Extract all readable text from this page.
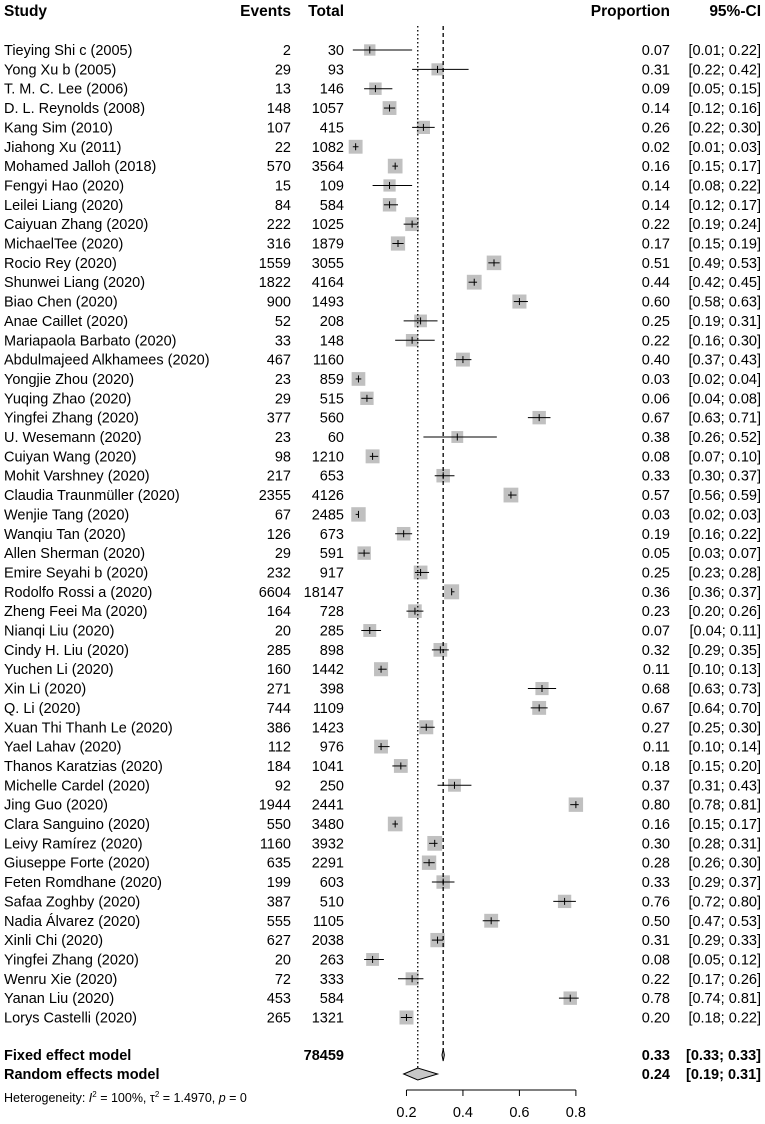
Study	Events Total	Proportion	95%-CI
Tieying Shi c (2005)	2	30	0.07 [0.01; 0.22]
Yong Xu b (2005)	29	93	0.31 [0.22; 0.42]
T. M. C. Lee (2006)	13 146	0.09 [0.05; 0.15]
D. L. Reynolds (2008)	148 1057	0.14 [0.12; 0.16]
Kang Sim (2010)	107 415	0.26 [0.22; 0.30]
Jiahong Xu (2011)	22 1082	0.02 [0.01; 0.03]
Mohamed Jalloh (2018)	570 3564	0.16 [0.15; 0.17]
Fengyi Hao (2020)	15 109	0.14 [0.08; 0.22]
Leilei Liang (2020)	84 584	0.14 [0.12; 0.17]
Caiyuan Zhang (2020)	222 1025	0.22 [0.19; 0.24]
MichaelTee (2020)	316 1879	0.17 [0.15; 0.19]
Rocio Rey (2020)	1559 3055	0.51 [0.49; 0.53]
Shunwei Liang (2020)	1822 4164	0.44 [0.42; 0.45]
Biao Chen (2020)	900 1493	0.60 [0.58; 0.63]
Anae Caillet (2020)	52 208	0.25 [0.19; 0.31]
Mariapaola Barbato (2020)	33 148	0.22 [0.16; 0.30]
Abdulmajeed Alkhamees (2020)	467 1160	0.40 [0.37; 0.43]
Yongjie Zhou (2020)	23 859	0.03 [0.02; 0.04]
Yuqing Zhao (2020)	29 515	0.06 [0.04; 0.08]
Yingfei Zhang (2020)	377 560	0.67 [0.63; 0.71]
U. Wesemann (2020)	23	60	0.38 [0.26; 0.52]
Cuiyan Wang (2020)	98 1210	0.08 [0.07; 0.10]
Mohit Varshney (2020)	217 653	0.33 [0.30; 0.37]
Claudia Traunmüller (2020)	2355 4126	0.57 [0.56; 0.59]
Wenjie Tang (2020)	67 2485	0.03 [0.02; 0.03]
Wanqiu Tan (2020)	126 673	0.19 [0.16; 0.22]
Allen Sherman (2020)	29 591	0.05 [0.03; 0.07]
Emire Seyahi b (2020)	232 917	0.25 [0.23; 0.28]
Rodolfo Rossi a (2020)	6604 18147	0.36 [0.36; 0.37]
Zheng Feei Ma (2020)	164 728	0.23 [0.20; 0.26]
Nianqi Liu (2020)	20 285	0.07 [0.04; 0.11]
Cindy H. Liu (2020)	285 898	0.32 [0.29; 0.35]
Yuchen Li (2020)	160 1442	0.11 [0.10; 0.13]
Xin Li (2020)	271 398	0.68 [0.63; 0.73]
Q. Li (2020)	744 1109	0.67 [0.64; 0.70]
Xuan Thi Thanh Le (2020)	386 1423	0.27 [0.25; 0.30]
Yael Lahav (2020)	112 976	0.11 [0.10; 0.14]
Thanos Karatzias (2020)	184 1041	0.18 [0.15; 0.20]
Michelle Cardel (2020)	92 250	0.37 [0.31; 0.43]
Jing Guo (2020)	1944 2441	0.80 [0.78; 0.81]
Clara Sanguino (2020)	550 3480	0.16 [0.15; 0.17]
Leivy Ramírez (2020)	1160 3932	0.30 [0.28; 0.31]
Giuseppe Forte (2020)	635 2291	0.28 [0.26; 0.30]
Feten Romdhane (2020)	199 603	0.33 [0.29; 0.37]
Safaa Zoghby (2020)	387 510	0.76 [0.72; 0.80]
Nadia Álvarez (2020)	555 1105	0.50 [0.47; 0.53]
Xinli Chi (2020)	627 2038	0.31 [0.29; 0.33]
Yingfei Zhang (2020)	20 263	0.08 [0.05; 0.12]
Wenru Xie (2020)	72 333	0.22 [0.17; 0.26]
Yanan Liu (2020)	453 584	0.78 [0.74; 0.81]
Lorys Castelli (2020)	265 1321	0.20 [0.18; 0.22]
Fixed effect model	78459	0.33 [0.33; 0.33]
Random effects model	0.24 [0.19; 0.31]
0.2	0.4	0.6	0.8
Heterogeneity: $I^2 = 100\%$, $\tau^2 = 1.4970$, p = 0
